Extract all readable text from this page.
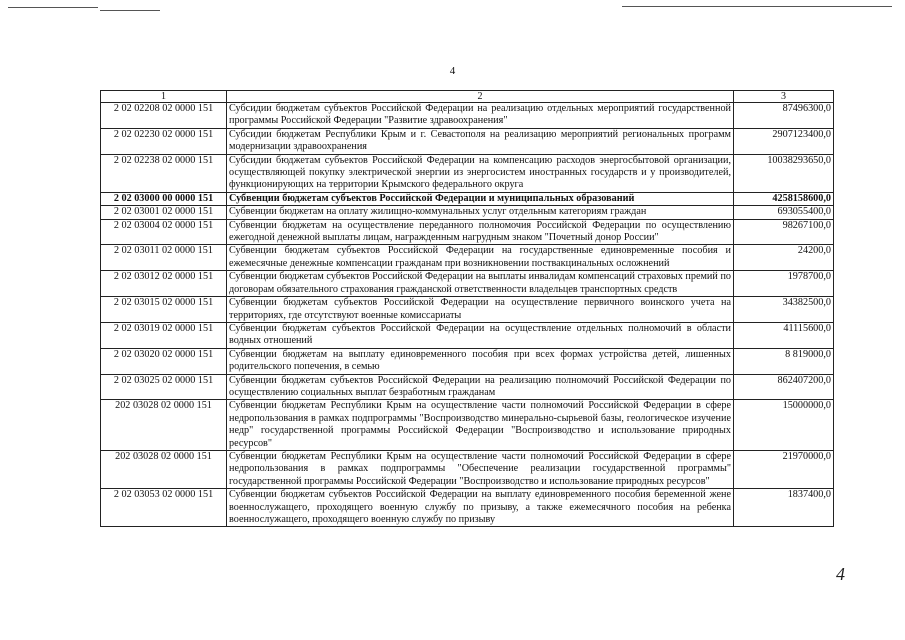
4
1	2	3
2 02 02208 02 0000 151	Субсидии бюджетам субъектов Российской Федерации на реализацию отдельных мероприятий государственной программы Российской Федерации "Развитие здравоохранения"	87496300,0
2 02 02230 02 0000 151	Субсидии бюджетам Республики Крым и г. Севастополя на реализацию мероприятий региональных программ модернизации здравоохранения	2907123400,0
2 02 02238 02 0000 151	Субсидии бюджетам субъектов Российской Федерации на компенсацию расходов энергосбытовой организации, осуществляющей покупку электрической энергии из энергосистем иностранных государств и у производителей, функционирующих на территории Крымского федерального округа	10038293650,0
2 02 03000 00 0000 151	Субвенции бюджетам субъектов Российской Федерации и муниципальных образований	4258158600,0
2 02 03001 02 0000 151	Субвенции бюджетам на оплату жилищно-коммунальных услуг отдельным категориям граждан	693055400,0
2 02 03004 02 0000 151	Субвенции бюджетам на осуществление переданного полномочия Российской Федерации по осуществлению ежегодной денежной выплаты лицам, награжденным нагрудным знаком "Почетный донор России"	98267100,0
2 02 03011 02 0000 151	Субвенции бюджетам субъектов Российской Федерации на государственные единовременные пособия и ежемесячные денежные компенсации гражданам при возникновении поствакцинальных осложнений	24200,0
2 02 03012 02 0000 151	Субвенции бюджетам субъектов Российской Федерации на выплаты инвалидам компенсаций страховых премий по договорам обязательного страхования гражданской ответственности владельцев транспортных средств	1978700,0
2 02 03015 02 0000 151	Субвенции бюджетам субъектов Российской Федерации на осуществление первичного воинского учета на территориях, где отсутствуют военные комиссариаты	34382500,0
2 02 03019 02 0000 151	Субвенции бюджетам субъектов Российской Федерации на осуществление отдельных полномочий в области водных отношений	41115600,0
2 02 03020 02 0000 151	Субвенции бюджетам на выплату единовременного пособия при всех формах устройства детей, лишенных родительского попечения, в семью	8 819000,0
2 02 03025 02 0000 151	Субвенции бюджетам субъектов Российской Федерации на реализацию полномочий Российской Федерации по осуществлению социальных выплат безработным гражданам	862407200,0
202 03028 02 0000 151	Субвенции бюджетам Республики Крым на осуществление части полномочий Российской Федерации в сфере недропользования в рамках подпрограммы "Воспроизводство минерально-сырьевой базы, геологическое изучение недр" государственной программы Российской Федерации "Воспроизводство и использование природных ресурсов"	15000000,0
202 03028 02 0000 151	Субвенции бюджетам Республики Крым на осуществление части полномочий Российской Федерации в сфере недропользования в рамках подпрограммы "Обеспечение реализации государственной программы" государственной программы Российской Федерации "Воспроизводство и использование природных ресурсов"	21970000,0
2 02 03053 02 0000 151	Субвенции бюджетам субъектов Российской Федерации на выплату единовременного пособия беременной жене военнослужащего, проходящего военную службу по призыву, а также ежемесячного пособия на ребенка военнослужащего, проходящего военную службу по призыву	1837400,0
4
